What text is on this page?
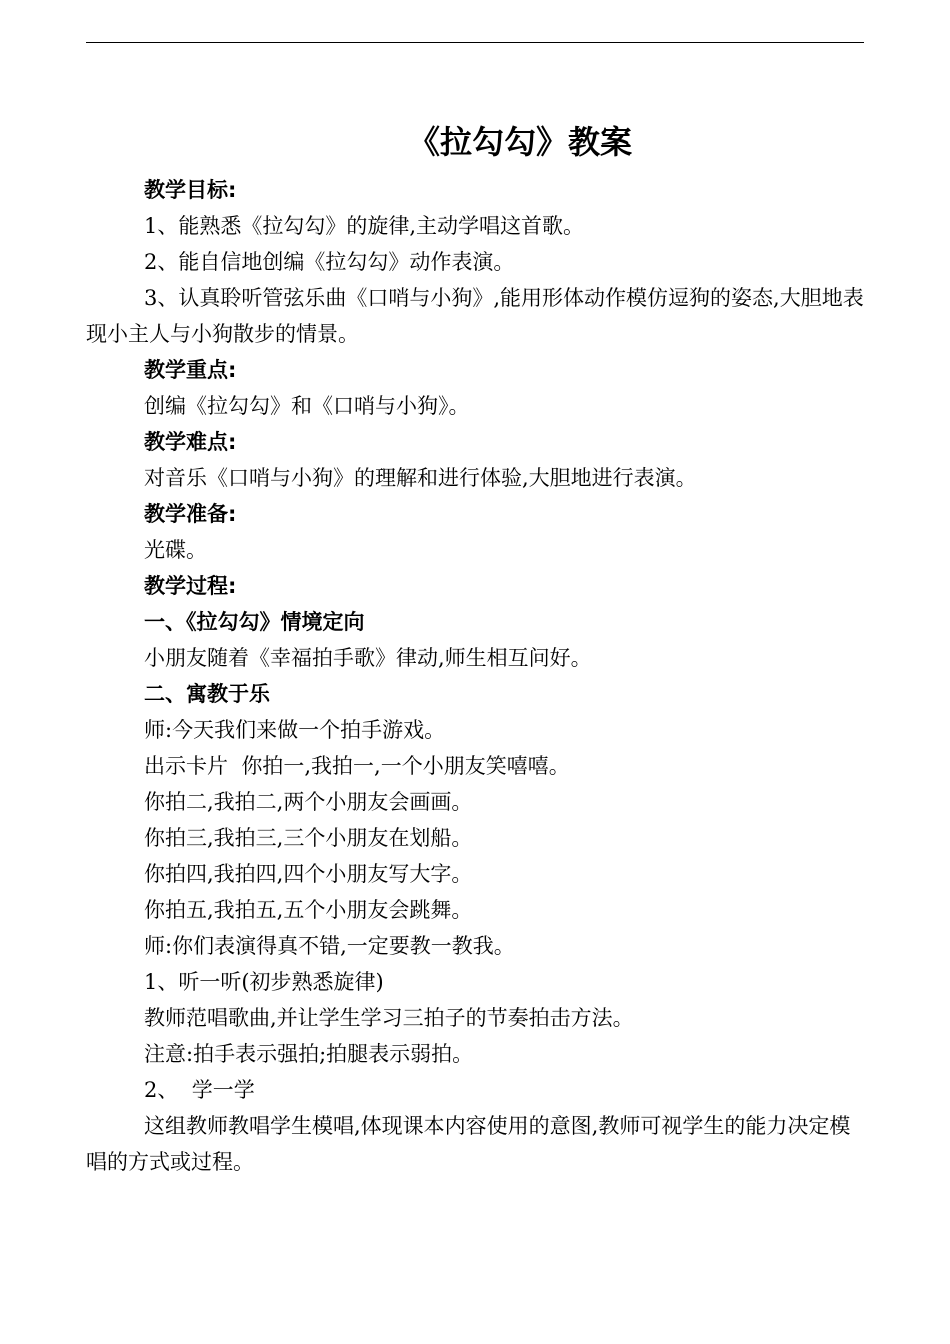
《拉勾勾》教案

教学目标:

1、能熟悉《拉勾勾》的旋律,主动学唱这首歌。

2、能自信地创编《拉勾勾》动作表演。

3、认真聆听管弦乐曲《口哨与小狗》,能用形体动作模仿逗狗的姿态,大胆地表现小主人与小狗散步的情景。

教学重点:

创编《拉勾勾》和《口哨与小狗》。

教学难点:

对音乐《口哨与小狗》的理解和进行体验,大胆地进行表演。

教学准备:

光碟。

教学过程:

一、《拉勾勾》情境定向

小朋友随着《幸福拍手歌》律动,师生相互问好。

二、寓教于乐

师:今天我们来做一个拍手游戏。

出示卡片  你拍一,我拍一,一个小朋友笑嘻嘻。

你拍二,我拍二,两个小朋友会画画。

你拍三,我拍三,三个小朋友在划船。

你拍四,我拍四,四个小朋友写大字。

你拍五,我拍五,五个小朋友会跳舞。

师:你们表演得真不错,一定要教一教我。

1、听一听(初步熟悉旋律)

教师范唱歌曲,并让学生学习三拍子的节奏拍击方法。

注意:拍手表示强拍;拍腿表示弱拍。

2、  学一学

这组教师教唱学生模唱,体现课本内容使用的意图,教师可视学生的能力决定模唱的方式或过程。
